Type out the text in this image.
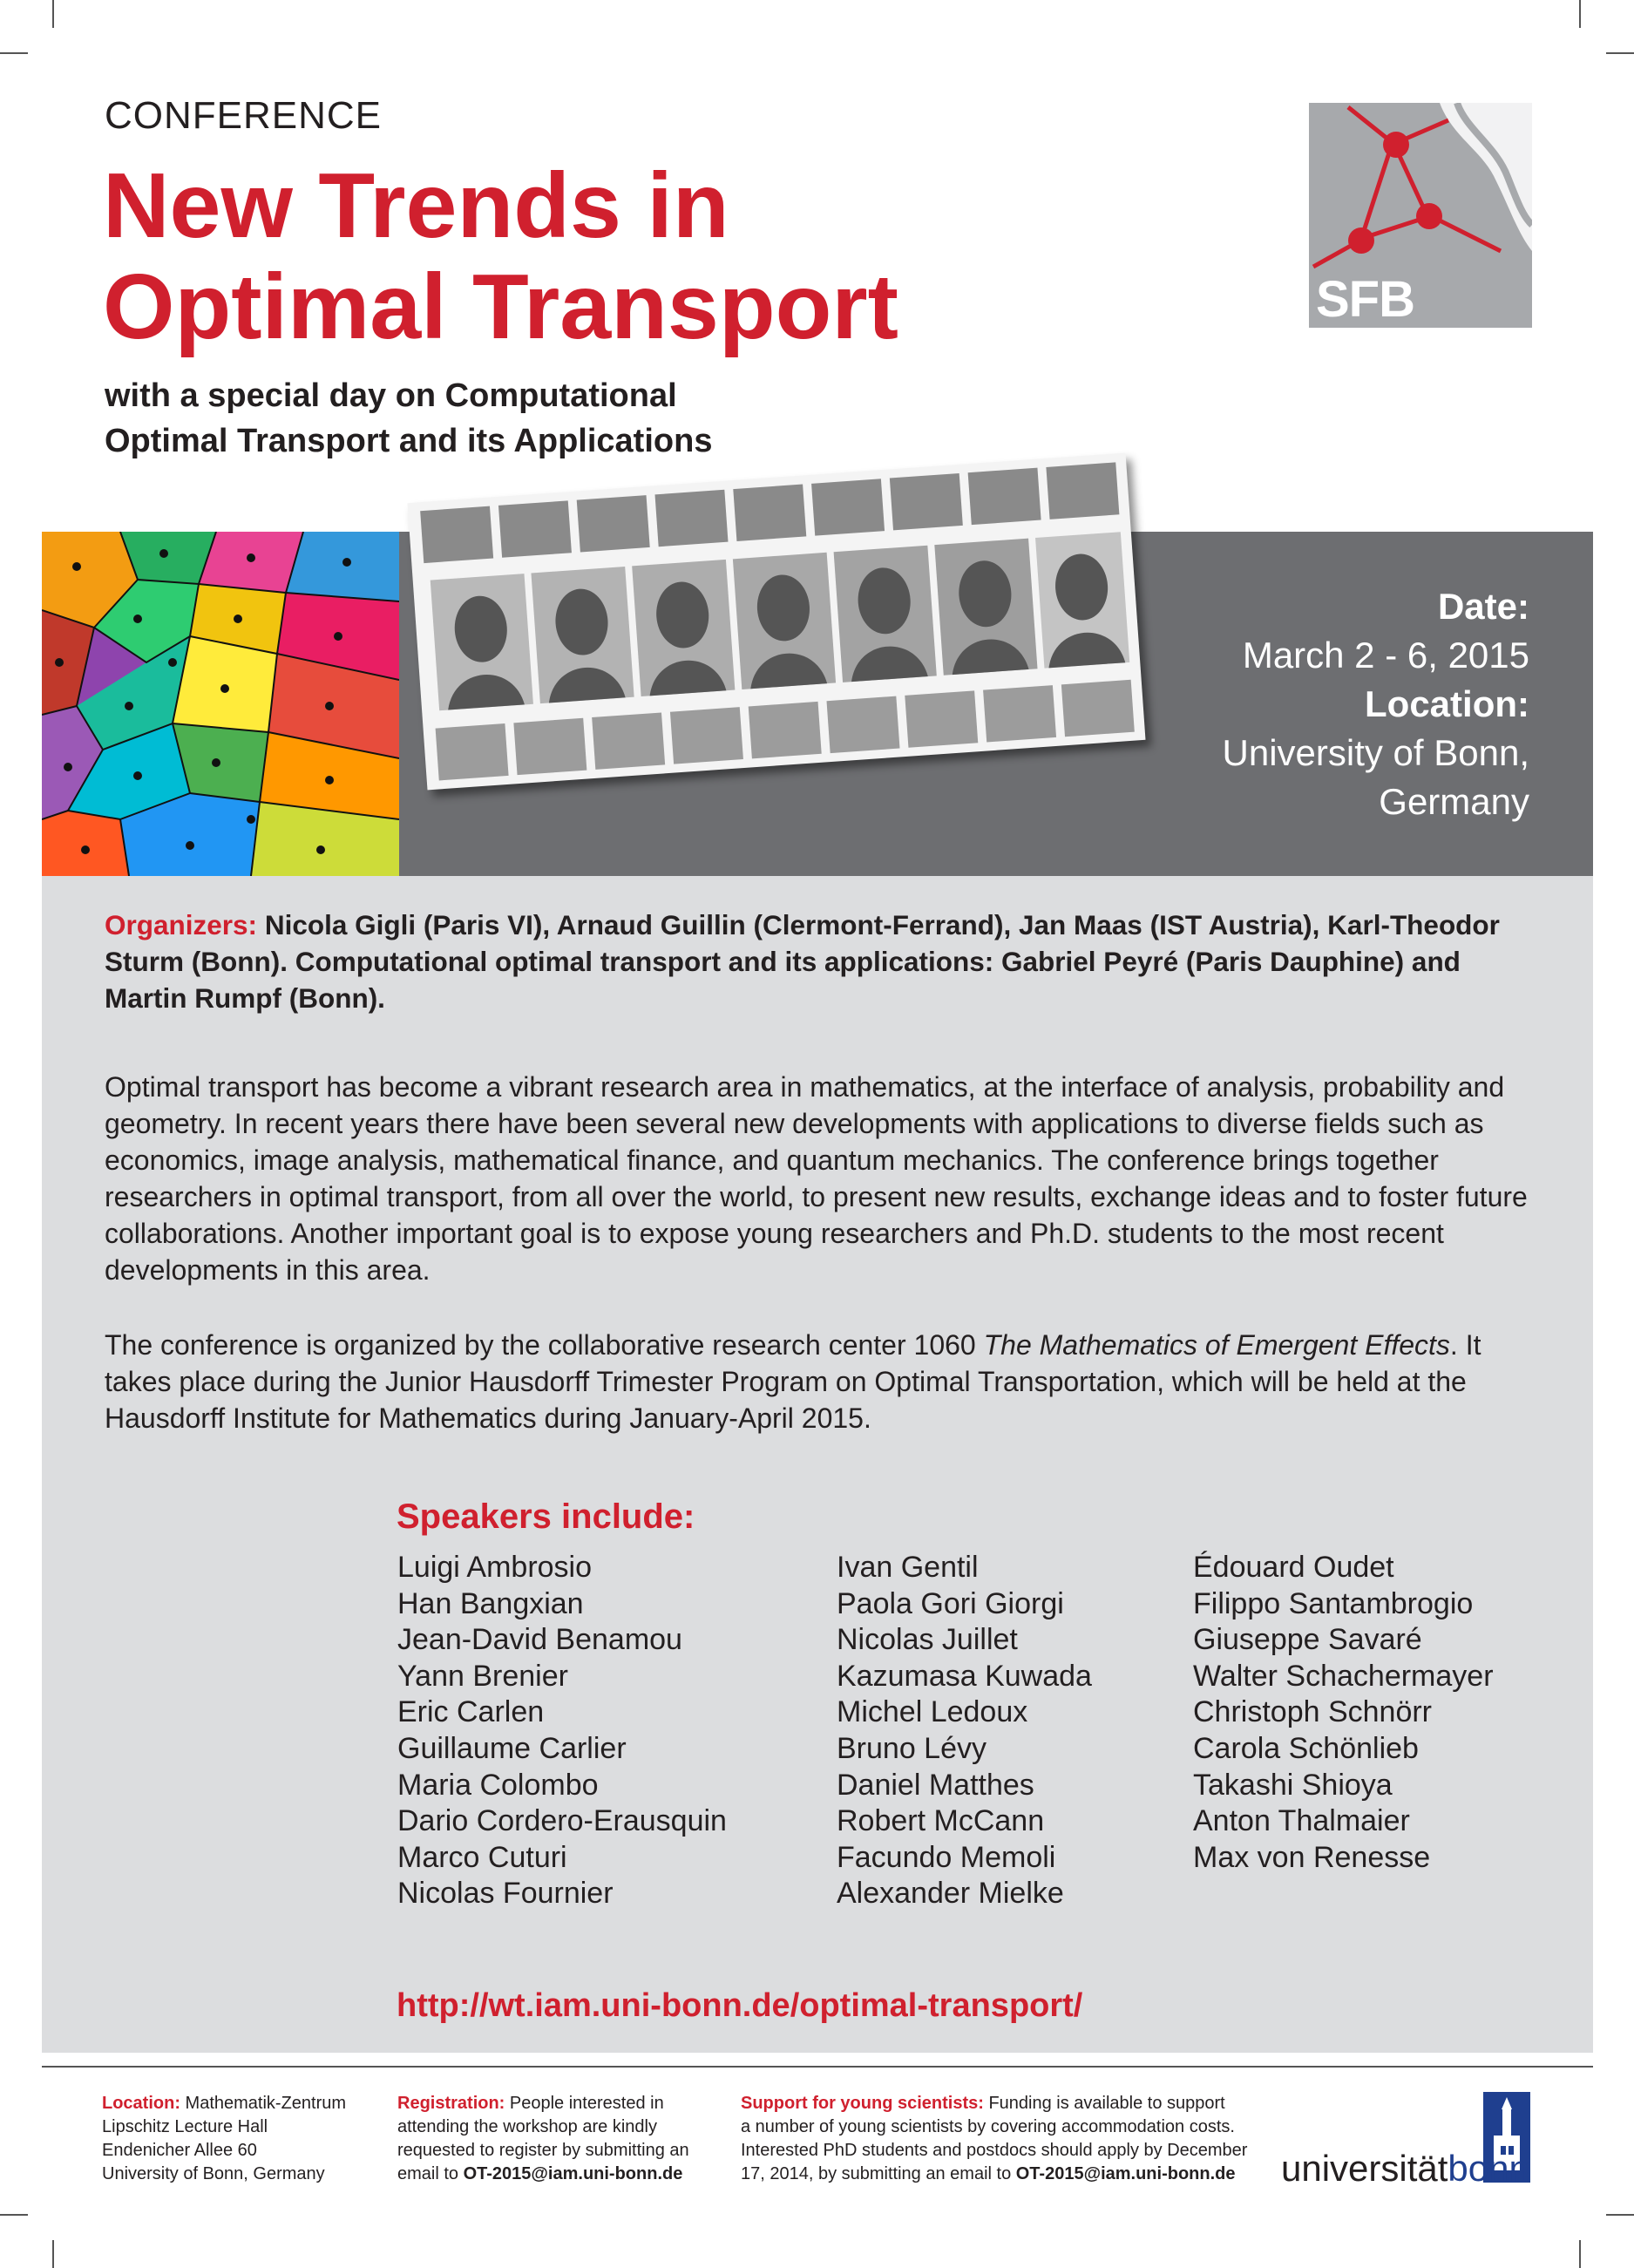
CONFERENCE
New Trends in
Optimal Transport
with a special day on Computational
Optimal Transport and its Applications
SFB 1060
Date:
March 2 - 6, 2015
Location:
University of Bonn,
Germany
Organizers: Nicola Gigli (Paris VI), Arnaud Guillin (Clermont-Ferrand), Jan Maas (IST Austria), Karl-Theodor Sturm (Bonn). Computational optimal transport and its applications: Gabriel Peyré (Paris Dauphine) and Martin Rumpf (Bonn).
Optimal transport has become a vibrant research area in mathematics, at the interface of analysis, probability and geometry. In recent years there have been several new developments with applications to diverse fields such as economics, image analysis, mathematical finance, and quantum mechanics. The conference brings together researchers in optimal transport, from all over the world, to present new results, exchange ideas and to foster future collaborations. Another important goal is to expose young researchers and Ph.D. students to the most recent developments in this area.
The conference is organized by the collaborative research center 1060 The Mathematics of Emergent Effects. It takes place during the Junior Hausdorff Trimester Program on Optimal Transportation, which will be held at the Hausdorff Institute for Mathematics during January-April 2015.
Speakers include:
Luigi Ambrosio
Han Bangxian
Jean-David Benamou
Yann Brenier
Eric Carlen
Guillaume Carlier
Maria Colombo
Dario Cordero-Erausquin
Marco Cuturi
Nicolas Fournier
Ivan Gentil
Paola Gori Giorgi
Nicolas Juillet
Kazumasa Kuwada
Michel Ledoux
Bruno Lévy
Daniel Matthes
Robert McCann
Facundo Memoli
Alexander Mielke
Édouard Oudet
Filippo Santambrogio
Giuseppe Savaré
Walter Schachermayer
Christoph Schnörr
Carola Schönlieb
Takashi Shioya
Anton Thalmaier
Max von Renesse
http://wt.iam.uni-bonn.de/optimal-transport/
Location: Mathematik-Zentrum
Lipschitz Lecture Hall
Endenicher Allee 60
University of Bonn, Germany
Registration: People interested in
attending the workshop are kindly
requested to register by submitting an
email to OT-2015@iam.uni-bonn.de
Support for young scientists: Funding is available to support
a number of young scientists by covering accommodation costs.
Interested PhD students and postdocs should apply by December
17, 2014, by submitting an email to OT-2015@iam.uni-bonn.de	universitätbonn
